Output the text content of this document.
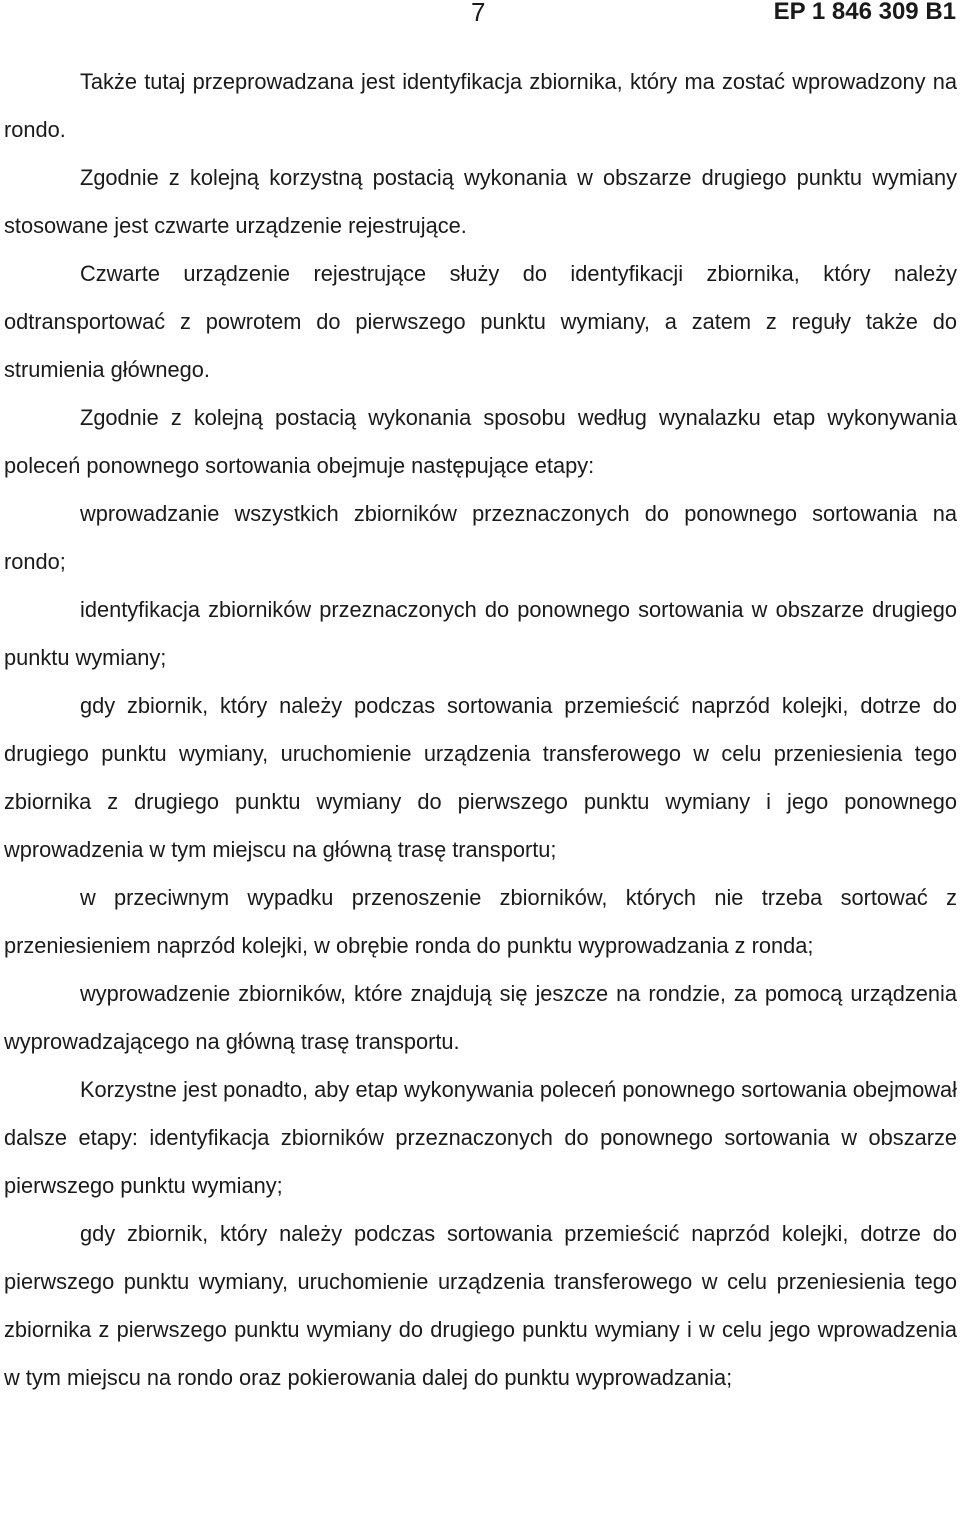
7	EP 1 846 309 B1

Także tutaj przeprowadzana jest identyfikacja zbiornika, który ma zostać wprowadzony na rondo.

Zgodnie z kolejną korzystną postacią wykonania w obszarze drugiego punktu wymiany stosowane jest czwarte urządzenie rejestrujące.

Czwarte urządzenie rejestrujące służy do identyfikacji zbiornika, który należy odtransportować z powrotem do pierwszego punktu wymiany, a zatem z reguły także do strumienia głównego.

Zgodnie z kolejną postacią wykonania sposobu według wynalazku etap wykonywania poleceń ponownego sortowania obejmuje następujące etapy:

wprowadzanie wszystkich zbiorników przeznaczonych do ponownego sortowania na rondo;

identyfikacja zbiorników przeznaczonych do ponownego sortowania w obszarze drugiego punktu wymiany;

gdy zbiornik, który należy podczas sortowania przemieścić naprzód kolejki, dotrze do drugiego punktu wymiany, uruchomienie urządzenia transferowego w celu przeniesienia tego zbiornika z drugiego punktu wymiany do pierwszego punktu wymiany i jego ponownego wprowadzenia w tym miejscu na główną trasę transportu;

w przeciwnym wypadku przenoszenie zbiorników, których nie trzeba sortować z przeniesieniem naprzód kolejki, w obrębie ronda do punktu wyprowadzania z ronda;

wyprowadzenie zbiorników, które znajdują się jeszcze na rondzie, za pomocą urządzenia wyprowadzającego na główną trasę transportu.

Korzystne jest ponadto, aby etap wykonywania poleceń ponownego sortowania obejmował dalsze etapy: identyfikacja zbiorników przeznaczonych do ponownego sortowania w obszarze pierwszego punktu wymiany;

gdy zbiornik, który należy podczas sortowania przemieścić naprzód kolejki, dotrze do pierwszego punktu wymiany, uruchomienie urządzenia transferowego w celu przeniesienia tego zbiornika z pierwszego punktu wymiany do drugiego punktu wymiany i w celu jego wprowadzenia w tym miejscu na rondo oraz pokierowania dalej do punktu wyprowadzania;
